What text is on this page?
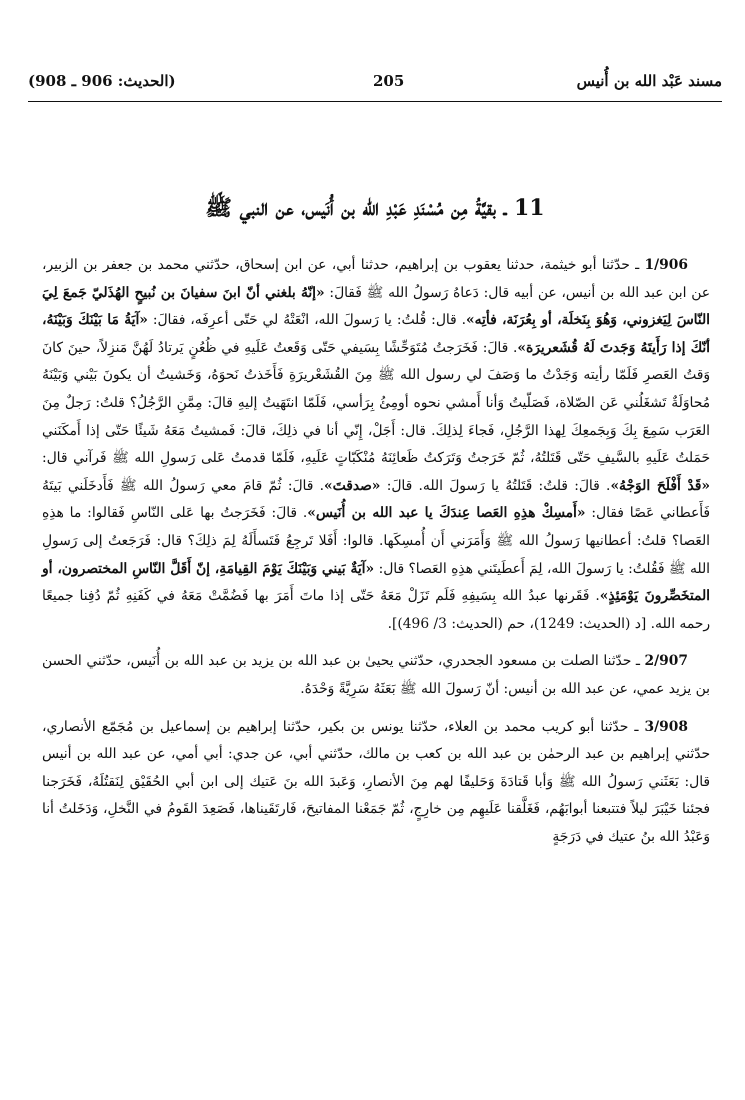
مسند عَبْد الله بن أُنيس
205
(الحديث: 906 ـ 908)
11 ـ بقيَّةُ مِن مُسْنَدِ عَبْدِ الله بن أُنَيس، عن النبي ﷺ

1/906 ـ حدّثنا أبو خيثمة، حدثنا يعقوب بن إبراهيم، حدثنا أبي، عن ابن إسحاق، حدّثني محمد بن جعفر بن الزبير، عن ابن عبد الله بن أنيس، عن أبيه قال: دَعاهُ رَسولُ الله ﷺ فَقالَ: «إنّهُ بلغني أنّ ابنَ سفيانَ بن نُبيحٍ الهُذَليّ جَمعَ لِيَ النّاسَ لِيَغزوني، وَهُوَ بِنَخلَة، أو بِعُرَنَة، فأتِه». قال: قُلتُ: يا رَسولَ الله، انْعَتْهُ لي حَتّى أعرِفَه، فقالَ: «آيَةُ مَا بَيْنَكَ وَبَيْنَهُ، أنّكَ إذا رَأَيتَهُ وَجَدتَ لَهُ قُشَعريرَة». قالَ: فَخَرَجتُ مُتَوَحِّشًا بِسَيفي حَتّى وَقَعتُ عَلَيهِ في ظُعُنٍ يَرتادُ لَهُنَّ مَنزِلاً، حينَ كانَ وَقتُ العَصرِ فَلَمّا رأيته وَجَدْتُ ما وَصَفَ لي رسول الله ﷺ مِنَ القُشَعْريرَةِ فَأَخَذتُ نَحوَهُ، وَخَشيتُ أن يكونَ بَيْني وَبَيْنَهُ مُحاوَلَةٌ تَشغَلُني عَن الصّلاة، فَصَلّيتُ وَأنا أَمشي نحوه أومِئُ بِرَأسي، فَلَمّا انتَهَيتُ إليهِ قالَ: مِمَّنِ الرَّجُلُ؟ قلتُ: رَجلٌ مِنَ العَرَب سَمِعَ بِكَ وَبِجَمعِكَ لِهذا الرَّجُلِ، فَجاءَ لِذلِكَ. قال: أَجَلْ، إِنّي أنا في ذلِكَ، قالَ: فَمشيتُ مَعَهُ شَيئًا حَتّى إذا أَمكَنَني حَمَلتُ عَلَيهِ بالسَّيفِ حَتّى قَتَلتُهُ، ثُمّ خَرَجتُ وَتَرَكتُ ظَعائِنَهُ مُنْكَبّاتٍ عَلَيهِ، فَلَمّا قدمتُ عَلى رَسولِ الله ﷺ فَرآني قال: «قَدْ أَفْلَحَ الوَجْهُ». قالَ: قلتُ: قَتَلتُهُ يا رَسولَ الله. قالَ: «صدقتَ». قالَ: ثُمّ قامَ معي رَسولُ الله ﷺ فَأَدخَلَني بَيتَهُ فَأَعطاني عَصًا فقال: «أَمسِكْ هذِهِ العَصا عِندَكَ يا عبد الله بن أُنَيس». قالَ: فَخَرَجتُ بها عَلى النّاسِ فَقالوا: ما هذِهِ العَصا؟ قلتُ: أعطانيها رَسولُ الله ﷺ وَأَمَرَني أَن أُمسِكَها. قالوا: أَفَلا تَرجِعُ فَتَسأَلَهُ لِمَ ذلِكَ؟ قال: فَرَجَعتُ إلى رَسولِ الله ﷺ فَقُلتُ: يا رَسولَ الله، لِمَ أَعطَيتَني هذِهِ العَصا؟ قال: «آيَةٌ بَيني وَبَيْنَكَ يَوْمَ القِيامَةِ، إنّ أَقَلَّ النّاسِ المختصرون، أو المتخَصِّرونَ يَوْمَئِذٍ». فَقَرنها عبدُ الله بِسَيفِهِ فَلَم تَزَلْ مَعَهُ حَتّى إذا ماتَ أَمَرَ بها فَضُمَّتْ مَعَهُ في كَفَنِهِ ثُمّ دُفِنا جميعًا رحمه الله. [د (الحديث: 1249)، حم (الحديث: 3/ 496)].

2/907 ـ حدّثنا الصلت بن مسعود الجحدري، حدّثني يحيىٰ بن عبد الله بن يزيد بن عبد الله بن أُنَيس، حدّثني الحسن بن يزيد عمي، عن عبد الله بن أنيس: أنّ رَسولَ الله ﷺ بَعَثَهُ سَرِيَّةً وَحْدَهُ.

3/908 ـ حدّثنا أبو كريب محمد بن العلاء، حدّثنا يونس بن بكير، حدّثنا إبراهيم بن إسماعيل بن مُجَمّع الأنصاري، حدّثني إبراهيم بن عبد الرحمٰن بن عبد الله بن كعب بن مالك، حدّثني أبي، عن جدي: أبي أمي، عن عبد الله بن أنيس قال: بَعَثَني رَسولُ الله ﷺ وَأبا قَتادَةَ وَحَليفًا لهم مِنَ الأنصارِ، وَعَبدَ الله بنَ عَتيك إلى ابن أبي الحُقَيْق لِنَقتُلَهُ، فَخَرَجنا فجئنا خَيْبَرَ ليلاً فتتبعنا أبوابَهُم، فَغَلَّقنا عَلَيهِم مِن خارِجٍ، ثُمّ جَمَعْنا المفاتيحَ، فَارتَقَيناها، فَصَعِدَ القَومُ في النَّخلِ، وَدَخَلتُ أنا وَعَبْدُ الله بنُ عتيك في دَرَجَةٍ
